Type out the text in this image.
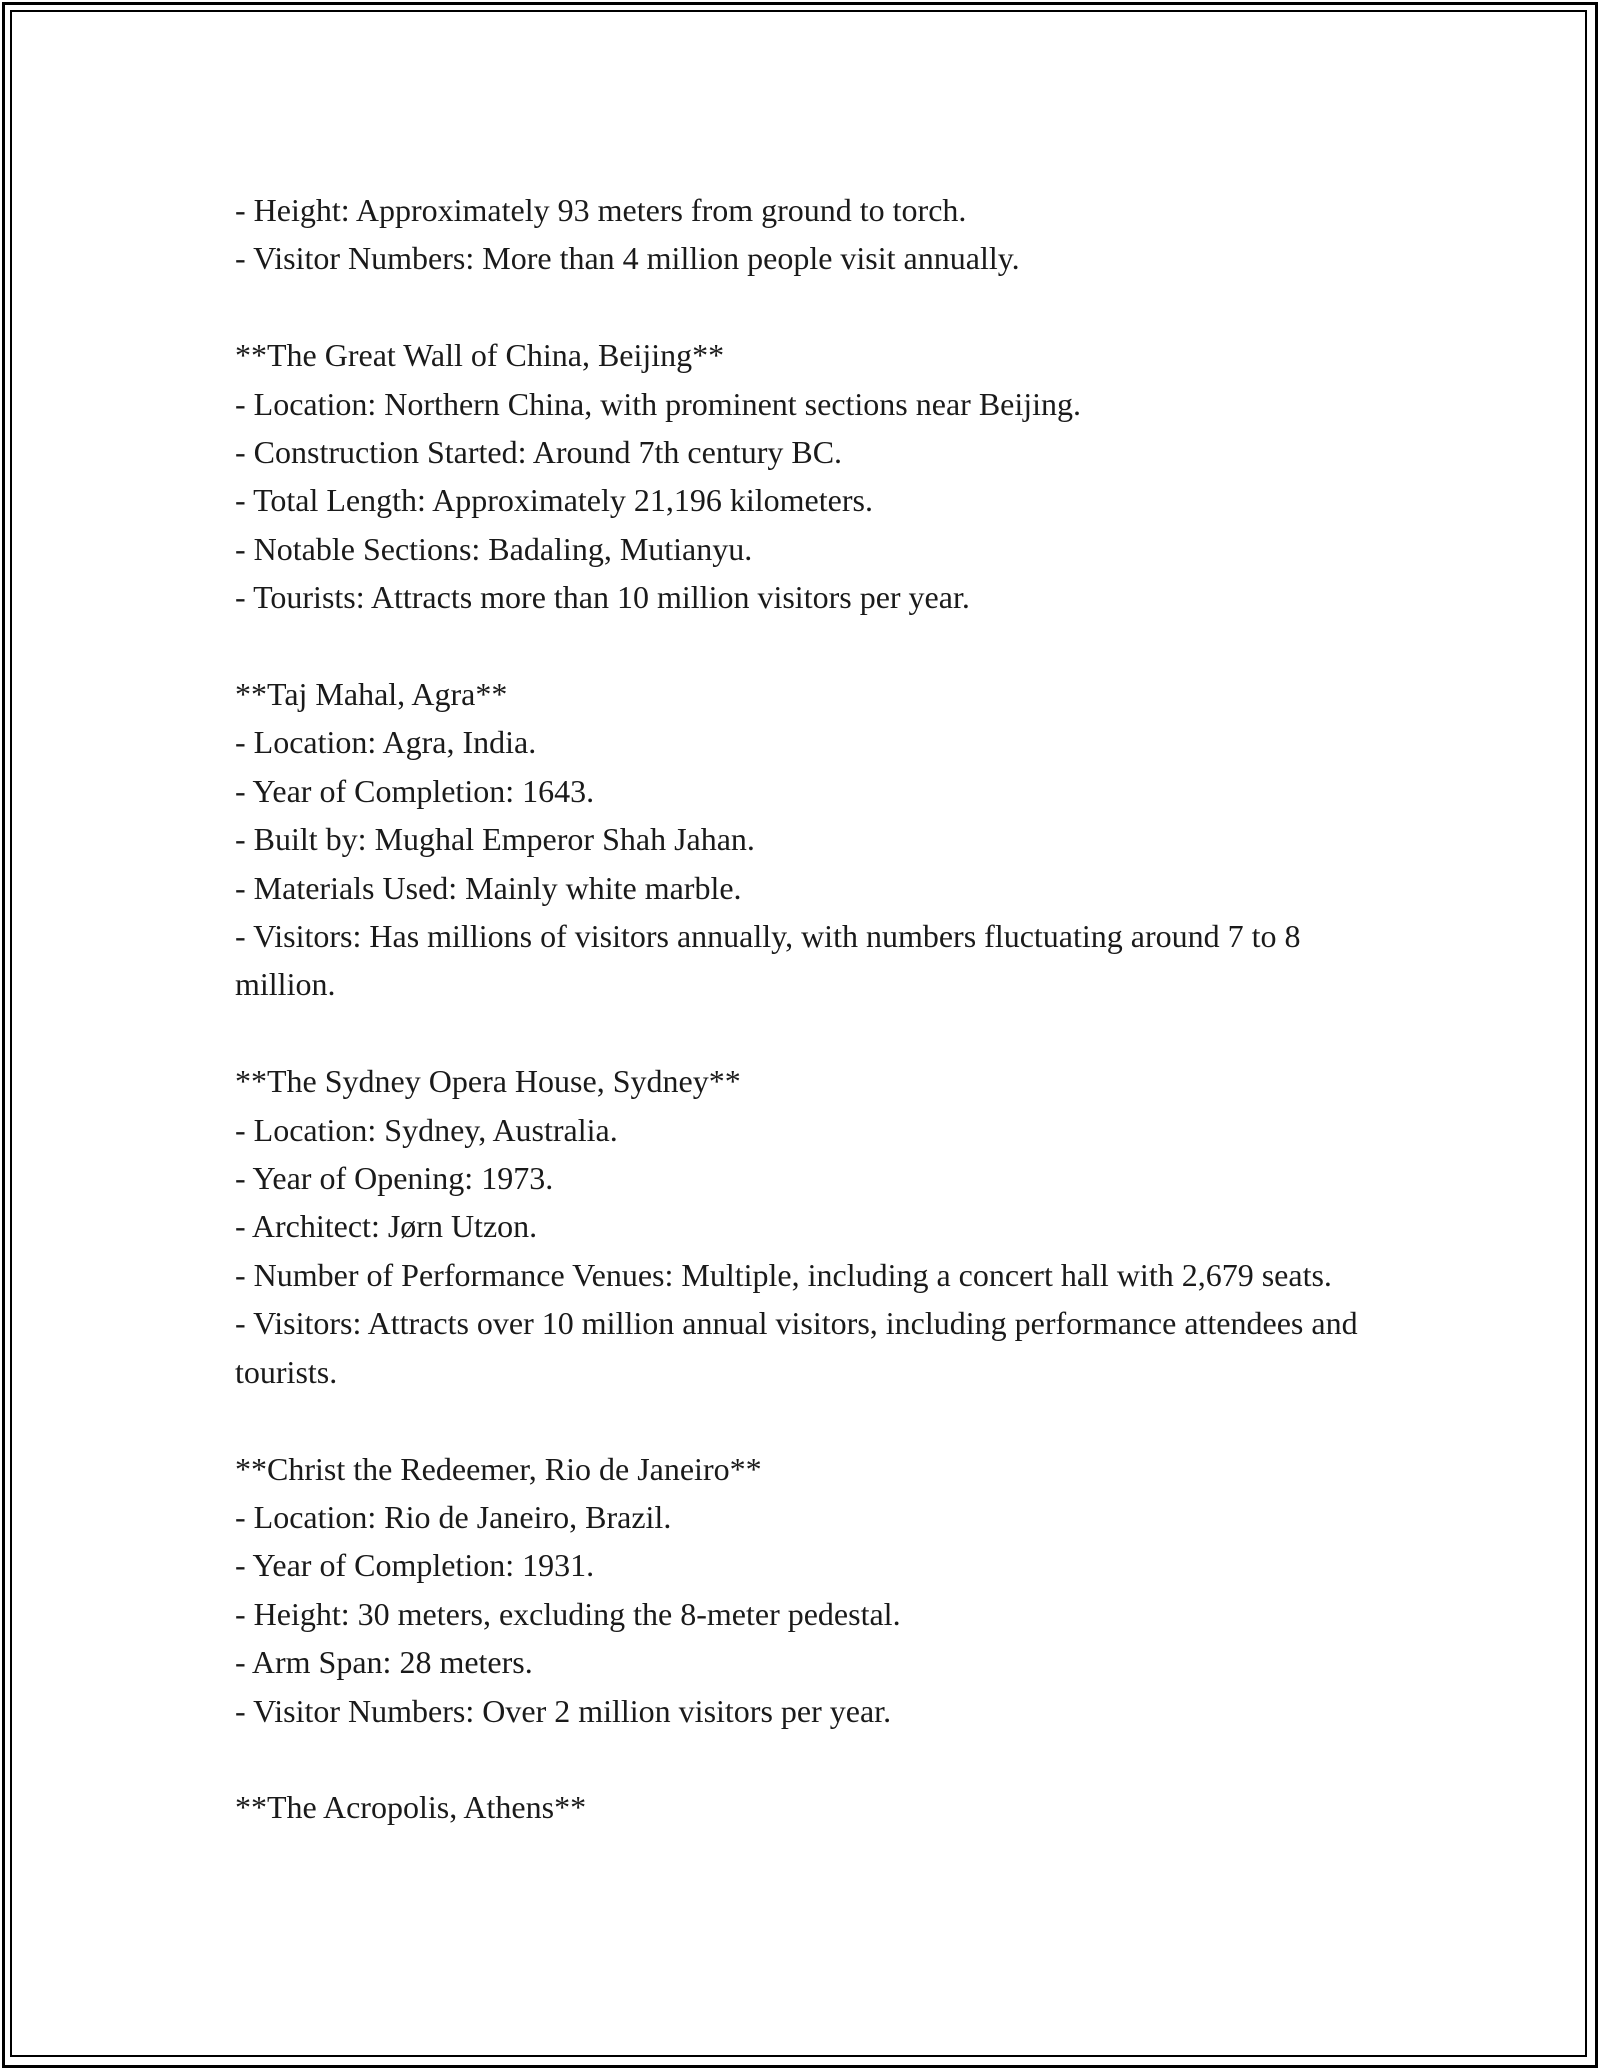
- Height: Approximately 93 meters from ground to torch.

- Visitor Numbers: More than 4 million people visit annually.

**The Great Wall of China, Beijing**

- Location: Northern China, with prominent sections near Beijing.

- Construction Started: Around 7th century BC.

- Total Length: Approximately 21,196 kilometers.

- Notable Sections: Badaling, Mutianyu.

- Tourists: Attracts more than 10 million visitors per year.

**Taj Mahal, Agra**

- Location: Agra, India.

- Year of Completion: 1643.

- Built by: Mughal Emperor Shah Jahan.

- Materials Used: Mainly white marble.

- Visitors: Has millions of visitors annually, with numbers fluctuating around 7 to 8 million.

**The Sydney Opera House, Sydney**

- Location: Sydney, Australia.

- Year of Opening: 1973.

- Architect: Jørn Utzon.

- Number of Performance Venues: Multiple, including a concert hall with 2,679 seats.

- Visitors: Attracts over 10 million annual visitors, including performance attendees and tourists.

**Christ the Redeemer, Rio de Janeiro**

- Location: Rio de Janeiro, Brazil.

- Year of Completion: 1931.

- Height: 30 meters, excluding the 8-meter pedestal.

- Arm Span: 28 meters.

- Visitor Numbers: Over 2 million visitors per year.

**The Acropolis, Athens**
